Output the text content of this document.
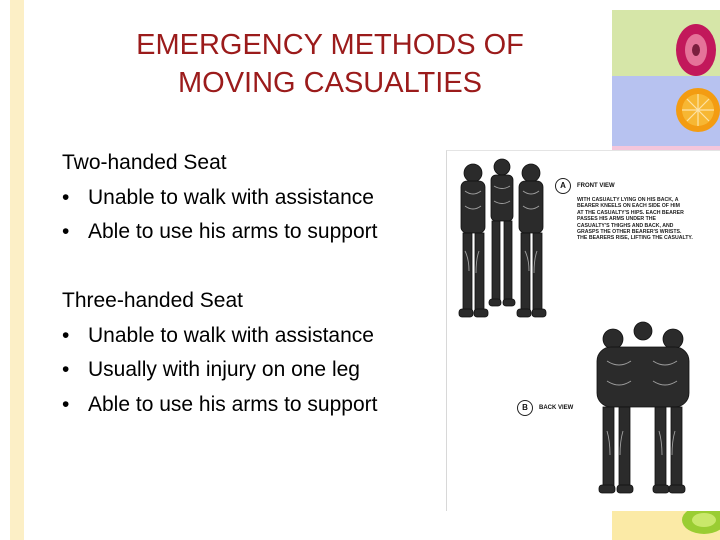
EMERGENCY METHODS OF
MOVING CASUALTIES
Two-handed Seat
• Unable to walk with assistance
• Able to use his arms to support
Three-handed Seat
• Unable to walk with assistance
• Usually with injury on one leg
• Able to use his arms to support
A	FRONT VIEW
WITH CASUALTY LYING ON HIS BACK, A
BEARER KNEELS ON EACH SIDE OF HIM
AT THE CASUALTY'S HIPS. EACH BEARER
PASSES HIS ARMS UNDER THE
CASUALTY'S THIGHS AND BACK, AND
GRASPS THE OTHER BEARER'S WRISTS.
THE BEARERS RISE, LIFTING THE CASUALTY.
B	BACK VIEW
